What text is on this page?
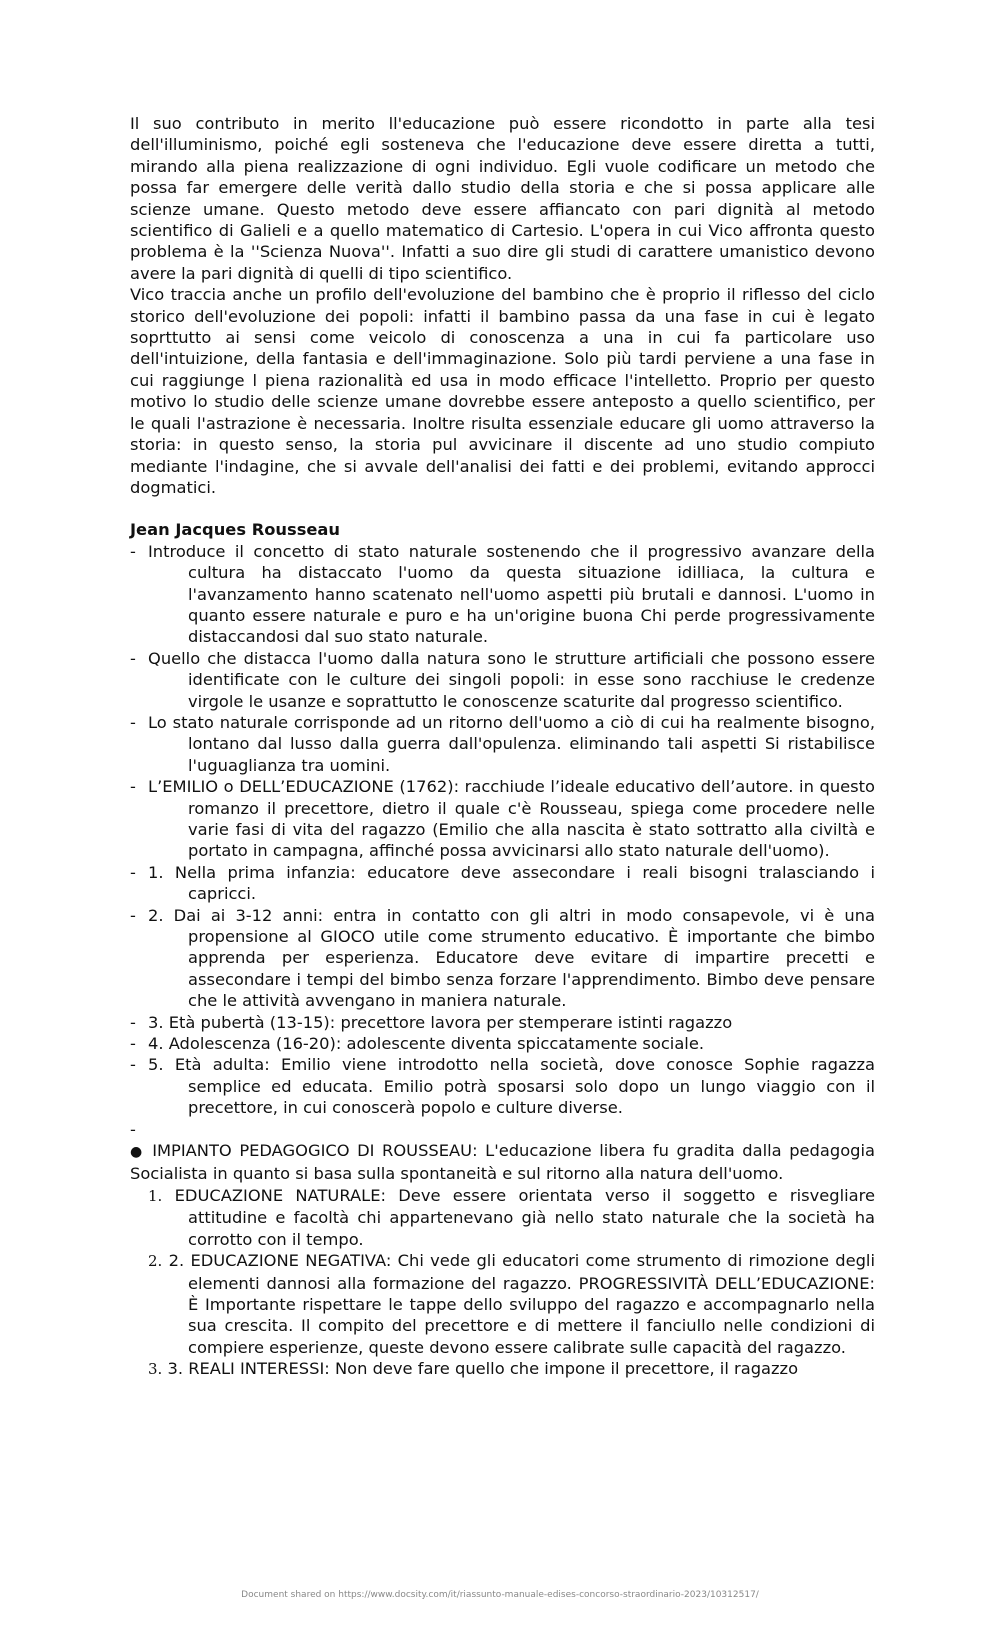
Il suo contributo in merito ll'educazione può essere ricondotto in parte alla tesi dell'illuminismo, poiché egli sosteneva che l'educazione deve essere diretta a tutti, mirando alla piena realizzazione di ogni individuo. Egli vuole codificare un metodo che possa far emergere delle verità dallo studio della storia e che si possa applicare alle scienze umane. Questo metodo deve essere affiancato con pari dignità al metodo scientifico di Galieli e a quello matematico di Cartesio. L'opera in cui Vico affronta questo problema è la ''Scienza Nuova''. Infatti a suo dire gli studi di carattere umanistico devono avere la pari dignità di quelli di tipo scientifico.

Vico traccia anche un profilo dell'evoluzione del bambino che è proprio il riflesso del ciclo storico dell'evoluzione dei popoli: infatti il bambino passa da una fase in cui è legato soprttutto ai sensi come veicolo di conoscenza a una in cui fa particolare uso dell'intuizione, della fantasia e dell'immaginazione. Solo più tardi perviene a una fase in cui raggiunge l piena razionalità ed usa in modo efficace l'intelletto. Proprio per questo motivo lo studio delle scienze umane dovrebbe essere anteposto a quello scientifico, per le quali l'astrazione è necessaria. Inoltre risulta essenziale educare gli uomo attraverso la storia: in questo senso, la storia pul avvicinare il discente ad uno studio compiuto mediante l'indagine, che si avvale dell'analisi dei fatti e dei problemi, evitando approcci dogmatici.

Jean Jacques Rousseau

- Introduce il concetto di stato naturale sostenendo che il progressivo avanzare della cultura ha distaccato l'uomo da questa situazione idilliaca, la cultura e l'avanzamento hanno scatenato nell'uomo aspetti più brutali e dannosi. L'uomo in quanto essere naturale e puro e ha un'origine buona Chi perde progressivamente distaccandosi dal suo stato naturale.
- Quello che distacca l'uomo dalla natura sono le strutture artificiali che possono essere identificate con le culture dei singoli popoli: in esse sono racchiuse le credenze virgole le usanze e soprattutto le conoscenze scaturite dal progresso scientifico.
- Lo stato naturale corrisponde ad un ritorno dell'uomo a ciò di cui ha realmente bisogno, lontano dal lusso dalla guerra dall'opulenza. eliminando tali aspetti Si ristabilisce l'uguaglianza tra uomini.
- L’EMILIO o DELL’EDUCAZIONE (1762): racchiude l’ideale educativo dell’autore. in questo romanzo il precettore, dietro il quale c'è Rousseau, spiega come procedere nelle varie fasi di vita del ragazzo (Emilio che alla nascita è stato sottratto alla civiltà e portato in campagna, affinché possa avvicinarsi allo stato naturale dell'uomo).
- 1. Nella prima infanzia: educatore deve assecondare i reali bisogni tralasciando i capricci.
- 2. Dai ai 3-12 anni: entra in contatto con gli altri in modo consapevole, vi è una propensione al GIOCO utile come strumento educativo. È importante che bimbo apprenda per esperienza. Educatore deve evitare di impartire precetti e assecondare i tempi del bimbo senza forzare l'apprendimento. Bimbo deve pensare che le attività avvengano in maniera naturale.
- 3. Età pubertà (13-15): precettore lavora per stemperare istinti ragazzo
- 4. Adolescenza (16-20): adolescente diventa spiccatamente sociale.
- 5. Età adulta: Emilio viene introdotto nella società, dove conosce Sophie ragazza semplice ed educata. Emilio potrà sposarsi solo dopo un lungo viaggio con il precettore, in cui conoscerà popolo e culture diverse.
-

● IMPIANTO PEDAGOGICO DI ROUSSEAU: L'educazione libera fu gradita dalla pedagogia Socialista in quanto si basa sulla spontaneità e sul ritorno alla natura dell'uomo.

1. EDUCAZIONE NATURALE: Deve essere orientata verso il soggetto e risvegliare attitudine e facoltà chi appartenevano già nello stato naturale che la società ha corrotto con il tempo.
2. 2. EDUCAZIONE NEGATIVA: Chi vede gli educatori come strumento di rimozione degli elementi dannosi alla formazione del ragazzo. PROGRESSIVITÀ DELL’EDUCAZIONE: È Importante rispettare le tappe dello sviluppo del ragazzo e accompagnarlo nella sua crescita. Il compito del precettore e di mettere il fanciullo nelle condizioni di compiere esperienze, queste devono essere calibrate sulle capacità del ragazzo.
3. 3. REALI INTERESSI: Non deve fare quello che impone il precettore, il ragazzo
Document shared on https://www.docsity.com/it/riassunto-manuale-edises-concorso-straordinario-2023/10312517/
